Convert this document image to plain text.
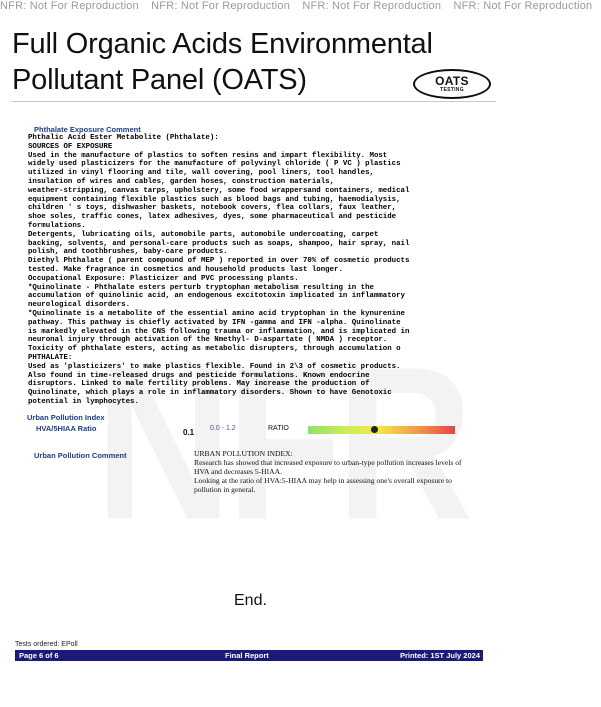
NFR: Not For Reproduction NFR: Not For Reproduction NFR: Not For Reproduction NFR: Not For Reproduction
Full Organic Acids Environmental Pollutant Panel (OATS)	OATS
TESTING
Phthalate Exposure Comment
Phthalic Acid Ester Metabolite (Phthalate):
SOURCES OF EXPOSURE
Used in the manufacture of plastics to soften resins and impart flexibility. Most
widely used plasticizers for the manufacture of polyvinyl chloride ( P VC ) plastics
utilized in vinyl flooring and tile, wall covering, pool liners, tool handles,
insulation of wires and cables, garden hoses, construction materials,
weather-stripping, canvas tarps, upholstery, some food wrappersand containers, medical
equipment containing flexible plastics such as blood bags and tubing, haemodialysis,
children ' s toys, dishwasher baskets, notebook covers, flea collars, faux leather,
shoe soles, traffic cones, latex adhesives, dyes, some pharmaceutical and pesticide
formulations.
Detergents, lubricating oils, automobile parts, automobile undercoating, carpet
backing, solvents, and personal-care products such as soaps, shampoo, hair spray, nail
polish, and toothbrushes, baby-care products.
Diethyl Phthalate ( parent compound of MEP ) reported in over 70% of cosmetic products
tested. Make fragrance in cosmetics and household products last longer.
Occupational Exposure: Plasticizer and PVC processing plants.
*Quinolinate - Phthalate esters perturb tryptophan metabolism resulting in the
accumulation of quinolinic acid, an endogenous excitotoxin implicated in inflammatory
neurological disorders.
*Quinolinate is a metabolite of the essential amino acid tryptophan in the kynurenine
pathway. This pathway is chiefly activated by IFN -gamma and IFN -alpha. Quinolinate
is markedly elevated in the CNS following trauma or inflammation, and is implicated in
neuronal injury through activation of the Nmethyl- D-aspartate ( NMDA ) receptor.
Toxicity of phthalate esters, acting as metabolic disrupters, through accumulation o
PHTHALATE:
Used as 'plasticizers' to make plastics flexible. Found in 2\3 of cosmetic products.
Also found in time-released drugs and pesticide formulations. Known endocrine
disruptors. Linked to male fertility problems. May increase the production of
Quinolinate, which plays a role in inflammatory disorders. Shown to have Genotoxic
potential in lymphocytes.
Urban Pollution Index
HVA/5HIAA Ratio	0.1 0.0 - 1.2	RATIO
Urban Pollution Comment	URBAN POLLUTION INDEX:
Research has showed that increased exposure to urban-type pollution increases levels of
HVA and decreases 5-HIAA.
Looking at the ratio of HVA:5-HIAA may help in assessing one's overall exposure to
pollution in general.
End.
Tests ordered: EPoll
Page 6 of 6	Final Report	Printed: 1ST July 2024
